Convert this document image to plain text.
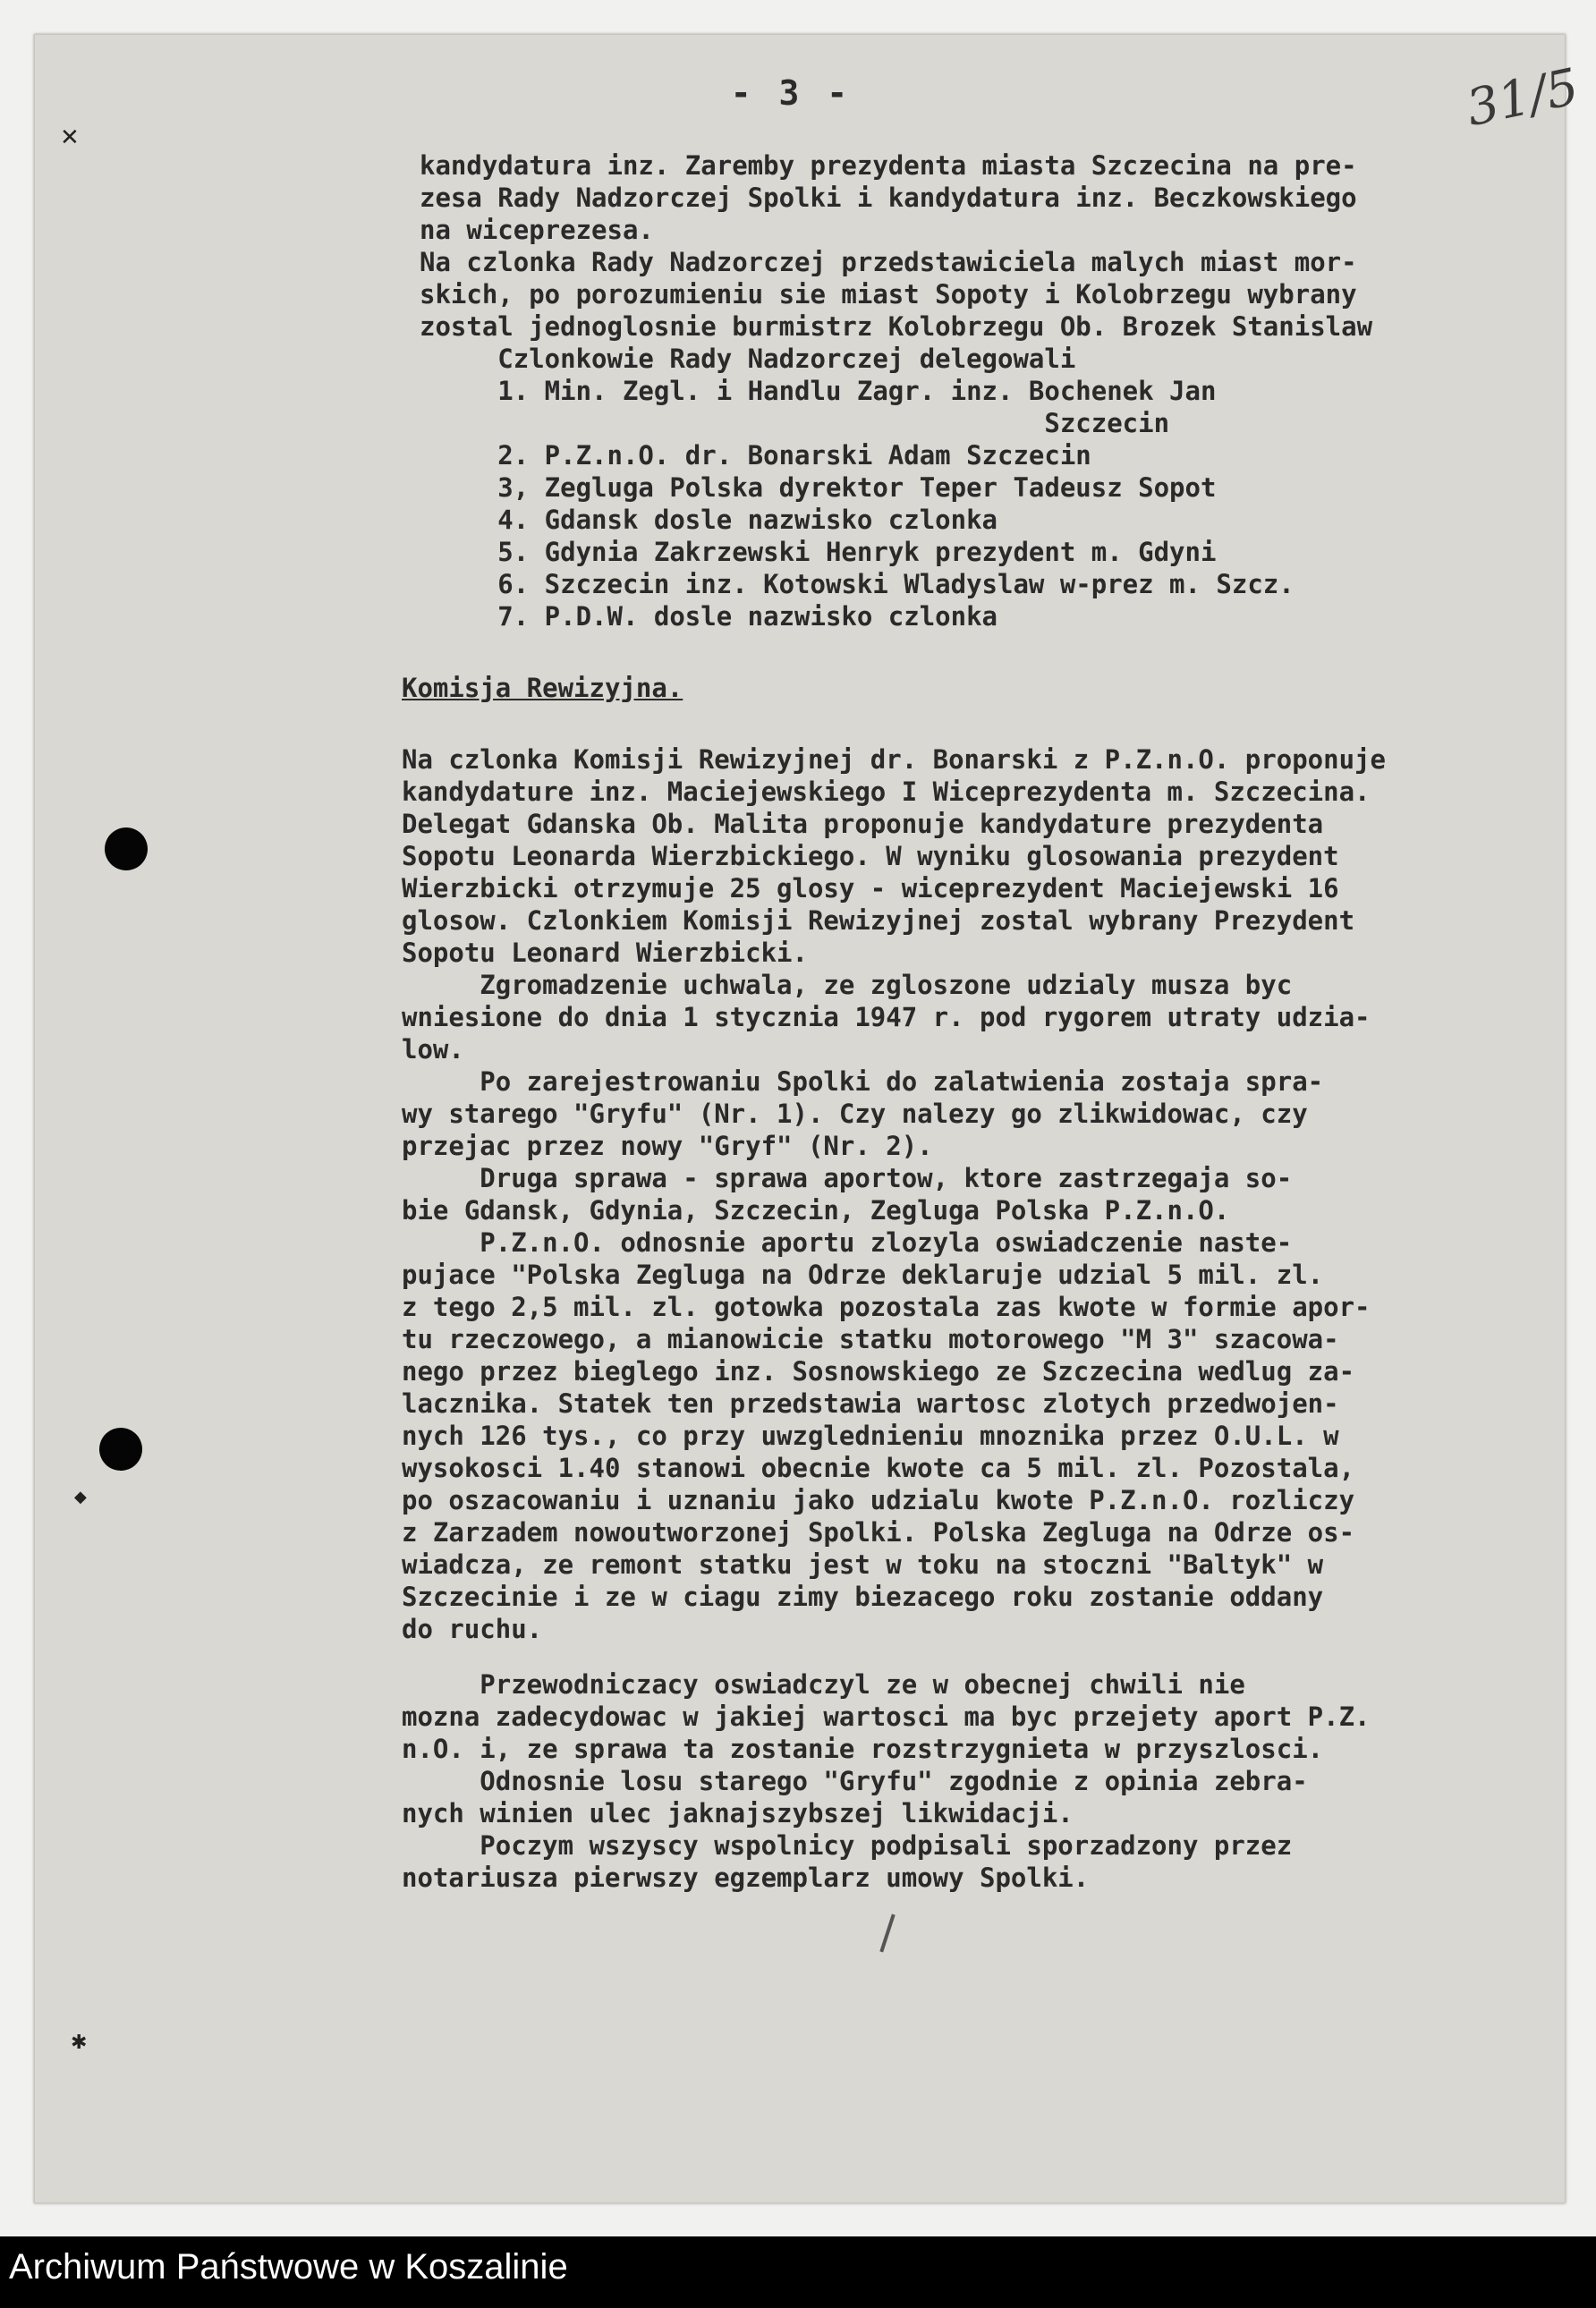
✕
◆
✱
- 3 -	31/5

kandydatura inz. Zaremby prezydenta miasta Szczecina na pre-

zesa Rady Nadzorczej Spolki i kandydatura inz. Beczkowskiego

na wiceprezesa.

Na czlonka Rady Nadzorczej przedstawiciela malych miast mor-

skich, po porozumieniu sie miast Sopoty i Kolobrzegu wybrany

zostal jednoglosnie burmistrz Kolobrzegu Ob. Brozek Stanislaw

Czlonkowie Rady Nadzorczej delegowali

1. Min. Zegl. i Handlu Zagr. inz. Bochenek Jan

Szczecin

2. P.Z.n.O. dr. Bonarski Adam Szczecin

3, Zegluga Polska dyrektor Teper Tadeusz Sopot

4. Gdansk dosle nazwisko czlonka

5. Gdynia Zakrzewski Henryk prezydent m. Gdyni

6. Szczecin inz. Kotowski Wladyslaw w-prez m. Szcz.

7. P.D.W. dosle nazwisko czlonka

Komisja Rewizyjna.

Na czlonka Komisji Rewizyjnej dr. Bonarski z P.Z.n.O. proponuje

kandydature inz. Maciejewskiego I Wiceprezydenta m. Szczecina.

Delegat Gdanska Ob. Malita proponuje kandydature prezydenta

Sopotu Leonarda Wierzbickiego. W wyniku glosowania prezydent

Wierzbicki otrzymuje 25 glosy - wiceprezydent Maciejewski 16

glosow. Czlonkiem Komisji Rewizyjnej zostal wybrany Prezydent

Sopotu Leonard Wierzbicki.

Zgromadzenie uchwala, ze zgloszone udzialy musza byc

wniesione do dnia 1 stycznia 1947 r. pod rygorem utraty udzia-

low.

Po zarejestrowaniu Spolki do zalatwienia zostaja spra-

wy starego "Gryfu" (Nr. 1). Czy nalezy go zlikwidowac, czy

przejac przez nowy "Gryf" (Nr. 2).

Druga sprawa - sprawa aportow, ktore zastrzegaja so-

bie Gdansk, Gdynia, Szczecin, Zegluga Polska P.Z.n.O.

P.Z.n.O. odnosnie aportu zlozyla oswiadczenie naste-

pujace "Polska Zegluga na Odrze deklaruje udzial 5 mil. zl.

z tego 2,5 mil. zl. gotowka pozostala zas kwote w formie apor-

tu rzeczowego, a mianowicie statku motorowego "M 3" szacowa-

nego przez bieglego inz. Sosnowskiego ze Szczecina wedlug za-

lacznika. Statek ten przedstawia wartosc zlotych przedwojen-

nych 126 tys., co przy uwzglednieniu mnoznika przez O.U.L. w

wysokosci 1.40 stanowi obecnie kwote ca 5 mil. zl. Pozostala,

po oszacowaniu i uznaniu jako udzialu kwote P.Z.n.O. rozliczy

z Zarzadem nowoutworzonej Spolki. Polska Zegluga na Odrze os-

wiadcza, ze remont statku jest w toku na stoczni "Baltyk" w

Szczecinie i ze w ciagu zimy biezacego roku zostanie oddany

do ruchu.

Przewodniczacy oswiadczyl ze w obecnej chwili nie

mozna zadecydowac w jakiej wartosci ma byc przejety aport P.Z.

n.O. i, ze sprawa ta zostanie rozstrzygnieta w przyszlosci.

Odnosnie losu starego "Gryfu" zgodnie z opinia zebra-

nych winien ulec jaknajszybszej likwidacji.

Poczym wszyscy wspolnicy podpisali sporzadzony przez

notariusza pierwszy egzemplarz umowy Spolki.

Archiwum Państwowe w Koszalinie
